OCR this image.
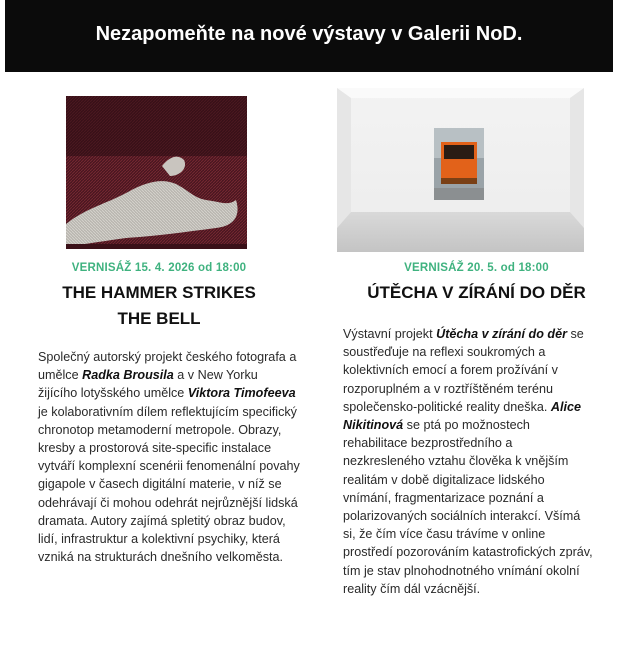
Nezapomeňte na nové výstavy v Galerii NoD.
VERNISÁŽ 15. 4. 2026 od 18:00
THE HAMMER STRIKES
THE BELL
Společný autorský projekt českého fotografa a umělce Radka Brousila a v New Yorku žijícího lotyšského umělce Viktora Timofeeva je kolaborativním dílem reflektujícím specifický chronotop metamoderní metropole. Obrazy, kresby a prostorová site-specific instalace vytváří komplexní scenérii fenomenální povahy gigapole v časech digitální materie, v níž se odehrávají či mohou odehrát nejrůznější lidská dramata. Autory zajímá spletitý obraz budov, lidí, infrastruktur a kolektivní psychiky, která vzniká na strukturách dnešního velkoměsta.
VERNISÁŽ 20. 5. od 18:00
ÚTĚCHA V ZÍRÁNÍ DO DĚR
Výstavní projekt Útěcha v zírání do děr se soustřeďuje na reflexi soukromých a kolektivních emocí a forem prožívání v rozporuplném a v roztříštěném terénu společensko-politické reality dneška. Alice Nikitinová se ptá po možnostech rehabilitace bezprostředního a nezkresleného vztahu člověka k vnějším realitám v době digitalizace lidského vnímání, fragmentarizace poznání a polarizovaných sociálních interakcí. Všímá si, že čím více času trávíme v online prostředí pozorováním katastrofických zpráv, tím je stav plnohodnotného vnímání okolní reality čím dál vzácnější.
